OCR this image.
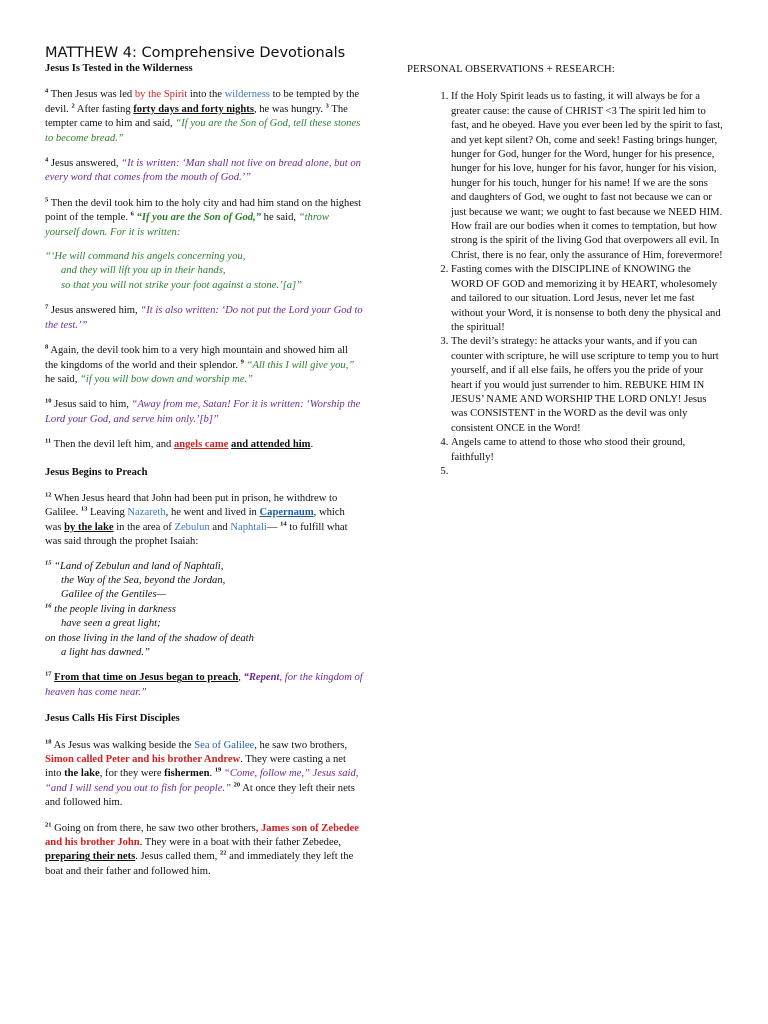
MATTHEW 4: Comprehensive Devotionals
Jesus Is Tested in the Wilderness

$^4$ Then Jesus was led by the Spirit into the wilderness to be tempted by the devil. $^2$ After fasting forty days and forty nights, he was hungry. $^3$ The tempter came to him and said, “If you are the Son of God, tell these stones to become bread.”

$^4$ Jesus answered, “It is written: ‘Man shall not live on bread alone, but on every word that comes from the mouth of God.’”

$^5$ Then the devil took him to the holy city and had him stand on the highest point of the temple. $^6$ “If you are the Son of God,” he said, “throw yourself down. For it is written:

“‘He will command his angels concerning you,
and they will lift you up in their hands,
so that you will not strike your foot against a stone.’[a]”

$^7$ Jesus answered him, “It is also written: ‘Do not put the Lord your God to the test.’”

$^8$ Again, the devil took him to a very high mountain and showed him all the kingdoms of the world and their splendor. $^9$ “All this I will give you,” he said, “if you will bow down and worship me.”

$^{10}$ Jesus said to him, “Away from me, Satan! For it is written: ‘Worship the Lord your God, and serve him only.’[b]”

$^{11}$ Then the devil left him, and angels came and attended him.

Jesus Begins to Preach

$^{12}$ When Jesus heard that John had been put in prison, he withdrew to Galilee. $^{13}$ Leaving Nazareth, he went and lived in Capernaum, which was by the lake in the area of Zebulun and Naphtali— $^{14}$ to fulfill what was said through the prophet Isaiah:

$^{15}$ “Land of Zebulun and land of Naphtali,
the Way of the Sea, beyond the Jordan,
Galilee of the Gentiles—
$^{16}$ the people living in darkness
have seen a great light;
on those living in the land of the shadow of death
a light has dawned.”

$^{17}$ From that time on Jesus began to preach, “Repent, for the kingdom of heaven has come near.”

Jesus Calls His First Disciples

$^{18}$ As Jesus was walking beside the Sea of Galilee, he saw two brothers, Simon called Peter and his brother Andrew. They were casting a net into the lake, for they were fishermen. $^{19}$ “Come, follow me,” Jesus said, “and I will send you out to fish for people.” $^{20}$ At once they left their nets and followed him.

$^{21}$ Going on from there, he saw two other brothers, James son of Zebedee and his brother John. They were in a boat with their father Zebedee, preparing their nets. Jesus called them, $^{22}$ and immediately they left the boat and their father and followed him.

PERSONAL OBSERVATIONS + RESEARCH:
1. If the Holy Spirit leads us to fasting, it will always be for a greater cause: the cause of CHRIST <3 The spirit led him to fast, and he obeyed. Have you ever been led by the spirit to fast, and yet kept silent? Oh, come and seek! Fasting brings hunger, hunger for God, hunger for the Word, hunger for his presence, hunger for his love, hunger for his favor, hunger for his vision, hunger for his touch, hunger for his name! If we are the sons and daughters of God, we ought to fast not because we can or just because we want; we ought to fast because we NEED HIM. How frail are our bodies when it comes to temptation, but how strong is the spirit of the living God that overpowers all evil. In Christ, there is no fear, only the assurance of Him, forevermore!
2. Fasting comes with the DISCIPLINE of KNOWING the WORD OF GOD and memorizing it by HEART, wholesomely and tailored to our situation. Lord Jesus, never let me fast without your Word, it is nonsense to both deny the physical and the spiritual!
3. The devil’s strategy: he attacks your wants, and if you can counter with scripture, he will use scripture to temp you to hurt yourself, and if all else fails, he offers you the pride of your heart if you would just surrender to him. REBUKE HIM IN JESUS’ NAME AND WORSHIP THE LORD ONLY! Jesus was CONSISTENT in the WORD as the devil was only consistent ONCE in the Word!
4. Angels came to attend to those who stood their ground, faithfully!
5.
